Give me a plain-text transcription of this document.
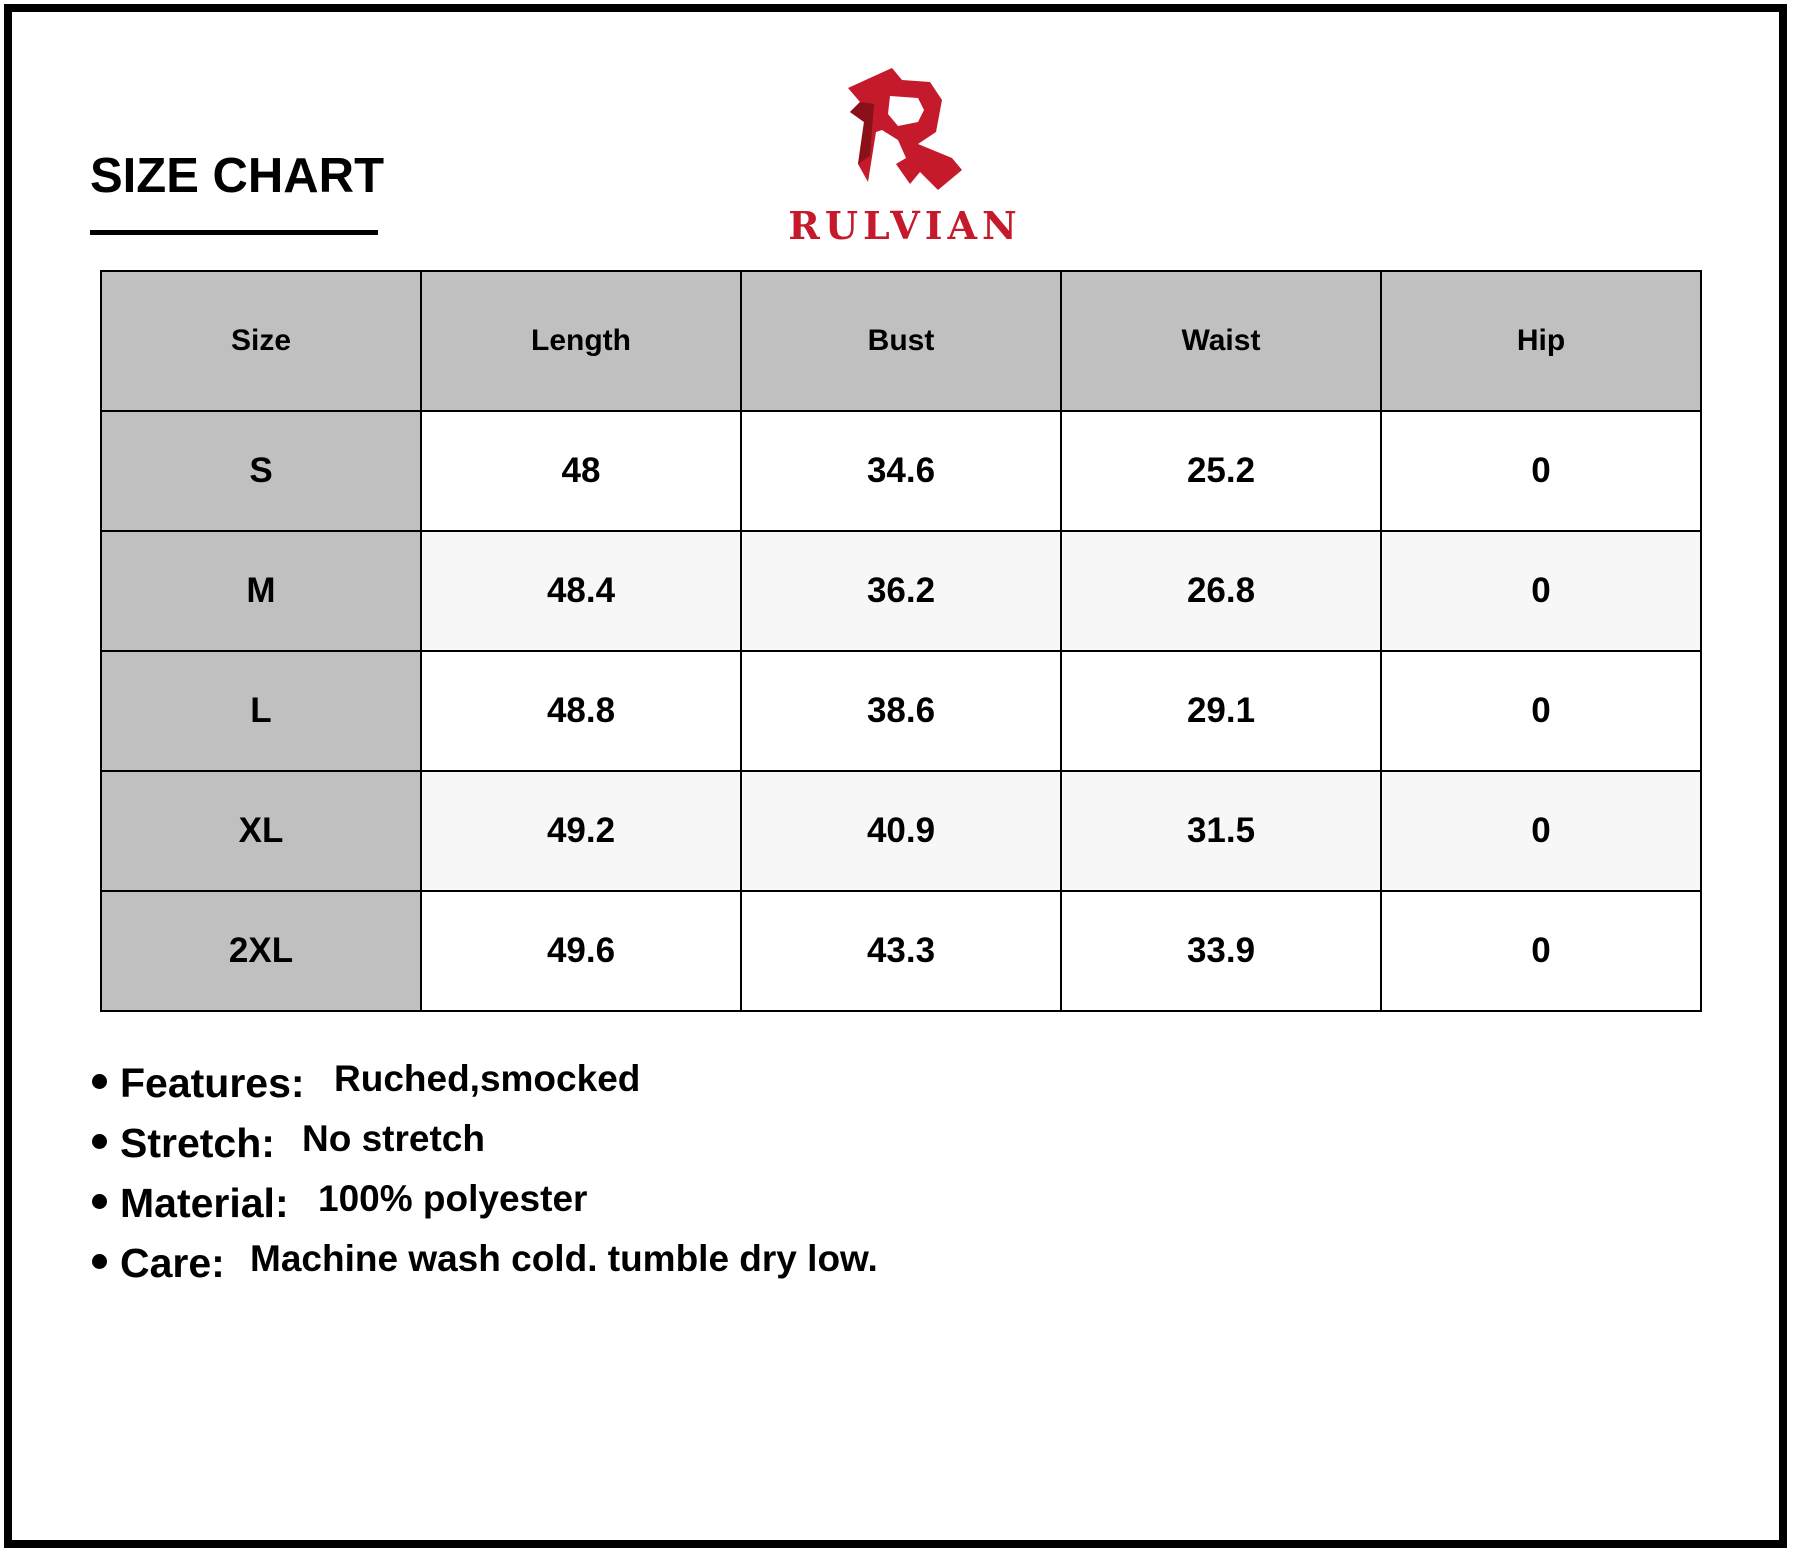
SIZE CHART
RULVIAN
Size	Length	Bust	Waist	Hip
S	48	34.6	25.2	0
M	48.4	36.2	26.8	0
L	48.8	38.6	29.1	0
XL	49.2	40.9	31.5	0
2XL	49.6	43.3	33.9	0
Features: Ruched,smocked
Stretch: No stretch
Material: 100% polyester
Care: Machine wash cold. tumble dry low.
